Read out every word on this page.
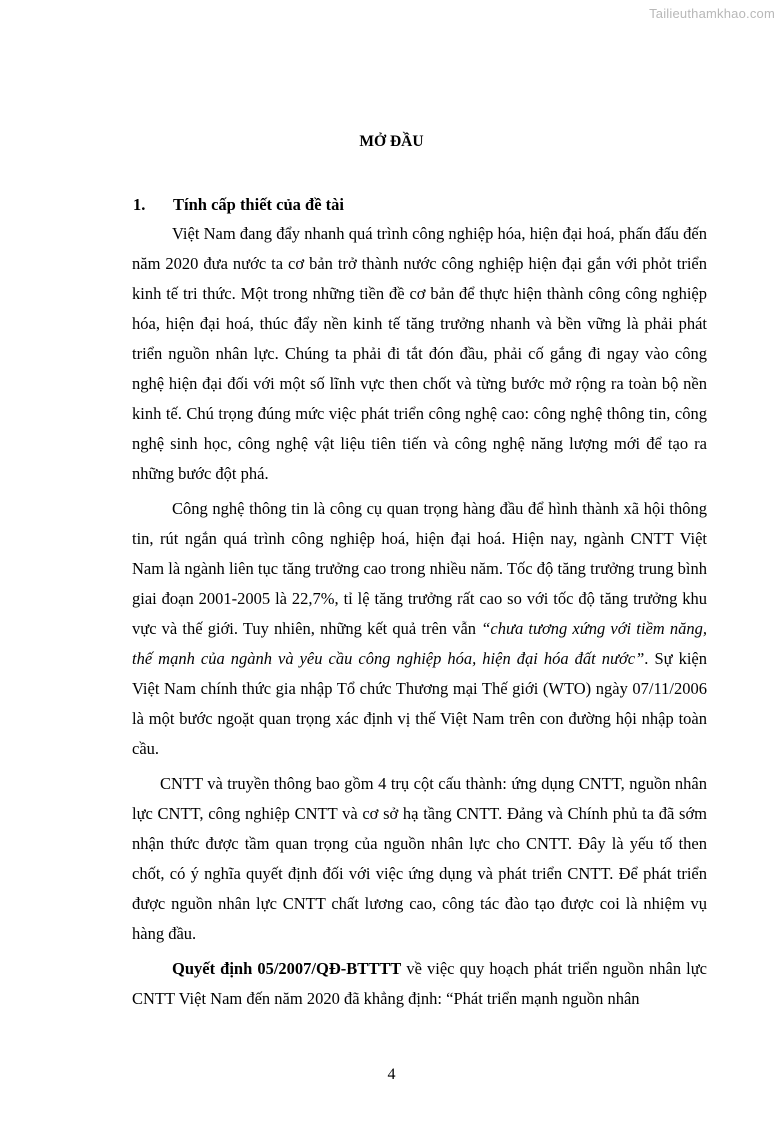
Tailieuthamkhao.com
MỞ ĐẦU
1. Tính cấp thiết của đề tài

Việt Nam đang đẩy nhanh quá trình công nghiệp hóa, hiện đại hoá, phấn đấu đến năm 2020 đưa nước ta cơ bản trở thành nước công nghiệp hiện đại gắn với phỏt triển kinh tế tri thức. Một trong những tiền đề cơ bản để thực hiện thành công công nghiệp hóa, hiện đại hoá, thúc đẩy nền kinh tế tăng trưởng nhanh và bền vững là phải phát triển nguồn nhân lực. Chúng ta phải đi tắt đón đầu, phải cố gắng đi ngay vào công nghệ hiện đại đối với một số lĩnh vực then chốt và từng bước mở rộng ra toàn bộ nền kinh tế. Chú trọng đúng mức việc phát triển công nghệ cao: công nghệ thông tin, công nghệ sinh học, công nghệ vật liệu tiên tiến và công nghệ năng lượng mới để tạo ra những bước đột phá.

Công nghệ thông tin là công cụ quan trọng hàng đầu để hình thành xã hội thông tin, rút ngắn quá trình công nghiệp hoá, hiện đại hoá. Hiện nay, ngành CNTT Việt Nam là ngành liên tục tăng trưởng cao trong nhiều năm. Tốc độ tăng trưởng trung bình giai đoạn 2001-2005 là 22,7%, tỉ lệ tăng trưởng rất cao so với tốc độ tăng trưởng khu vực và thế giới. Tuy nhiên, những kết quả trên vẫn “chưa tương xứng với tiềm năng, thế mạnh của ngành và yêu cầu công nghiệp hóa, hiện đại hóa đất nước”. Sự kiện Việt Nam chính thức gia nhập Tổ chức Thương mại Thế giới (WTO) ngày 07/11/2006 là một bước ngoặt quan trọng xác định vị thế Việt Nam trên con đường hội nhập toàn cầu.

CNTT và truyền thông bao gồm 4 trụ cột cấu thành: ứng dụng CNTT, nguồn nhân lực CNTT, công nghiệp CNTT và cơ sở hạ tầng CNTT. Đảng và Chính phủ ta đã sớm nhận thức được tầm quan trọng của nguồn nhân lực cho CNTT. Đây là yếu tố then chốt, có ý nghĩa quyết định đối với việc ứng dụng và phát triển CNTT. Để phát triển được nguồn nhân lực CNTT chất lương cao, công tác đào tạo được coi là nhiệm vụ hàng đầu.

Quyết định 05/2007/QĐ-BTTTT về việc quy hoạch phát triển nguồn nhân lực CNTT Việt Nam đến năm 2020 đã khẳng định: “Phát triển mạnh nguồn nhân

4
